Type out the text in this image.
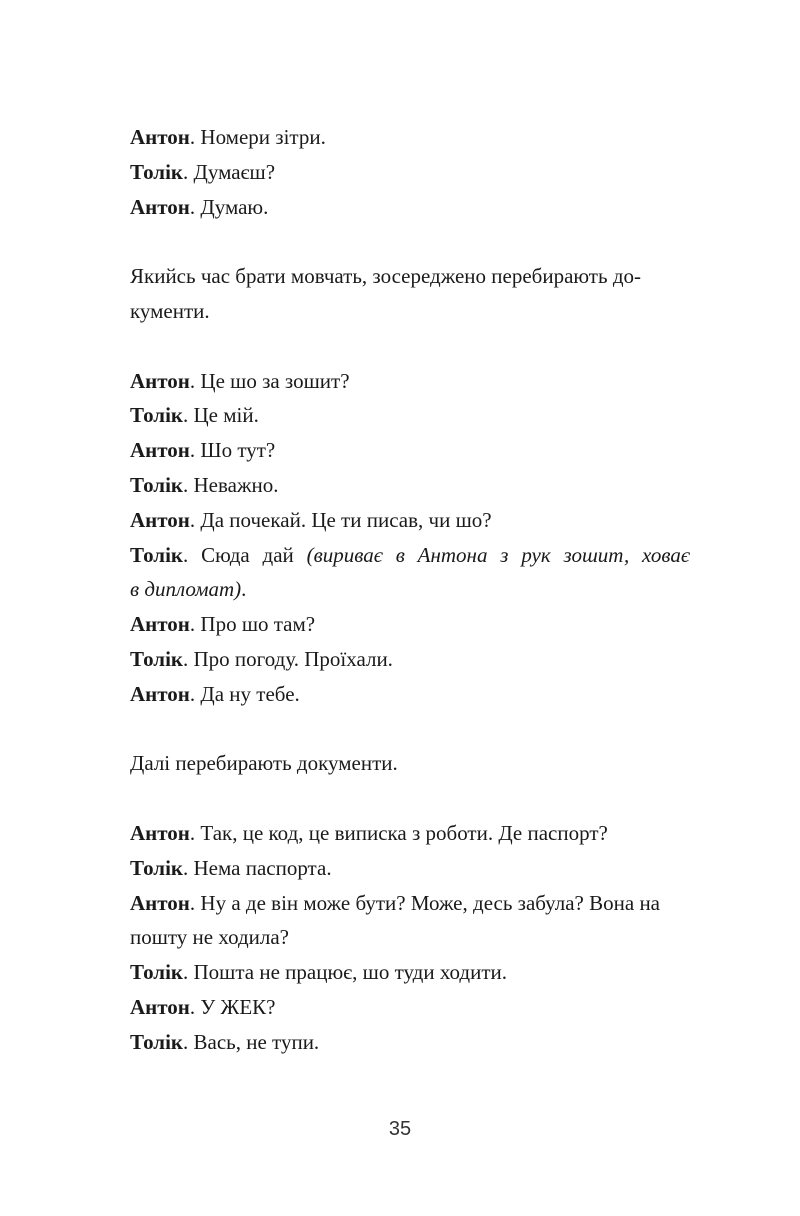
Антон. Номери зітри.

Толік. Думаєш?

Антон. Думаю.

Якийсь час брати мовчать, зосереджено перебирають до-

кументи.

Антон. Це шо за зошит?

Толік. Це мій.

Антон. Шо тут?

Толік. Неважно.

Антон. Да почекай. Це ти писав, чи шо?

Толік. Сюда дай (вириває в Антона з рук зошит, ховає

в дипломат).

Антон. Про шо там?

Толік. Про погоду. Проїхали.

Антон. Да ну тебе.

Далі перебирають документи.

Антон. Так, це код, це виписка з роботи. Де паспорт?

Толік. Нема паспорта.

Антон. Ну а де він може бути? Може, десь забула? Вона на

пошту не ходила?

Толік. Пошта не працює, шо туди ходити.

Антон. У ЖЕК?

Толік. Вась, не тупи.

35
